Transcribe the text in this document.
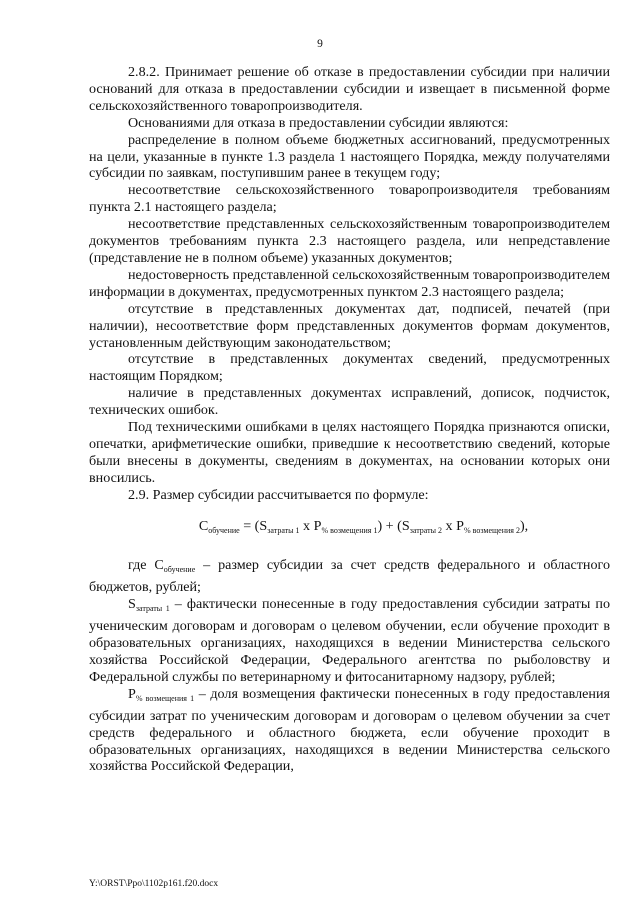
9

2.8.2. Принимает решение об отказе в предоставлении субсидии при наличии оснований для отказа в предоставлении субсидии и извещает в письменной форме сельскохозяйственного товаропроизводителя.

Основаниями для отказа в предоставлении субсидии являются:

распределение в полном объеме бюджетных ассигнований, предусмотренных на цели, указанные в пункте 1.3 раздела 1 настоящего Порядка, между получателями субсидии по заявкам, поступившим ранее в текущем году;

несоответствие сельскохозяйственного товаропроизводителя требованиям пункта 2.1 настоящего раздела;

несоответствие представленных сельскохозяйственным товаропроизводителем документов требованиям пункта 2.3 настоящего раздела, или непредставление (представление не в полном объеме) указанных документов;

недостоверность представленной сельскохозяйственным товаропроизводителем информации в документах, предусмотренных пунктом 2.3 настоящего раздела;

отсутствие в представленных документах дат, подписей, печатей (при наличии), несоответствие форм представленных документов формам документов, установленным действующим законодательством;

отсутствие в представленных документах сведений, предусмотренных настоящим Порядком;

наличие в представленных документах исправлений, дописок, подчисток, технических ошибок.

Под техническими ошибками в целях настоящего Порядка признаются описки, опечатки, арифметические ошибки, приведшие к несоответствию сведений, которые были внесены в документы, сведениям в документах, на основании которых они вносились.

2.9. Размер субсидии рассчитывается по формуле:

$С_{обучение} = (S_{затраты 1}$ х $Р_{\% возмещения 1}) + (S_{затраты 2}$ х $Р_{\% возмещения 2}$),

где $С_{обучение}$ – размер субсидии за счет средств федерального и областного бюджетов, рублей;

$S_{затраты 1}$ – фактически понесенные в году предоставления субсидии затраты по ученическим договорам и договорам о целевом обучении, если обучение проходит в образовательных организациях, находящихся в ведении Министерства сельского хозяйства Российской Федерации, Федерального агентства по рыболовству и Федеральной службы по ветеринарному и фитосанитарному надзору, рублей;

$Р_{\% возмещения 1}$ – доля возмещения фактически понесенных в году предоставления субсидии затрат по ученическим договорам и договорам о целевом обучении за счет средств федерального и областного бюджета, если обучение проходит в образовательных организациях, находящихся в ведении Министерства сельского хозяйства Российской Федерации,

Y:\ORST\Ppo\1102p161.f20.docx
